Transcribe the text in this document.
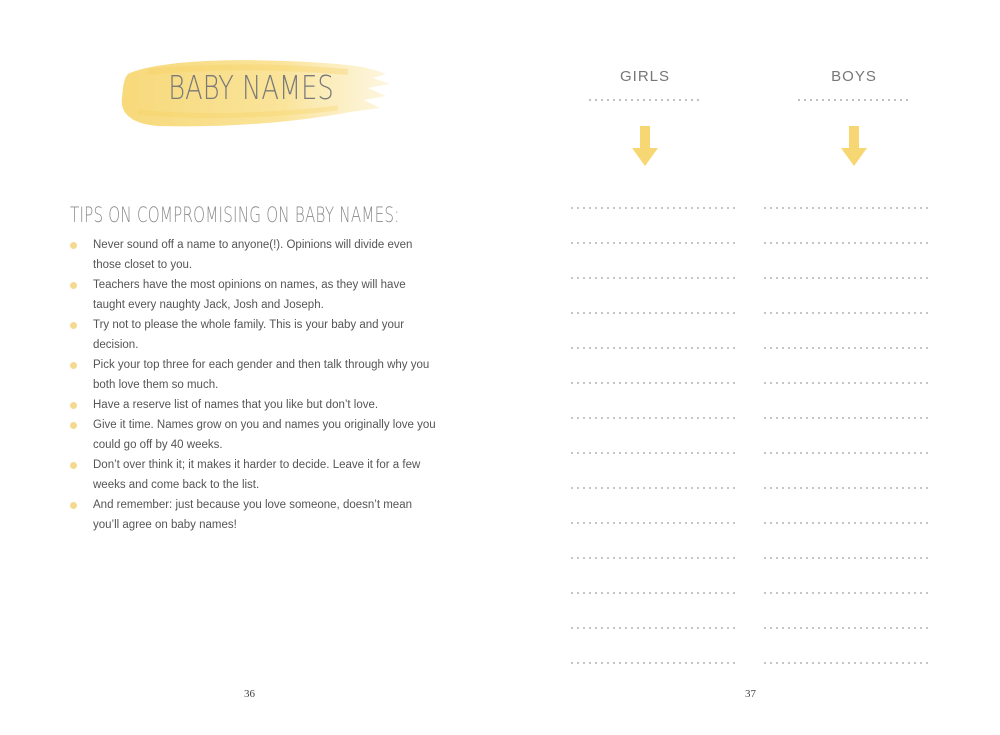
BABY NAMES
TIPS ON COMPROMISING ON BABY NAMES:
Never sound off a name to anyone(!). Opinions will divide even those closet to you.
Teachers have the most opinions on names, as they will have taught every naughty Jack, Josh and Joseph.
Try not to please the whole family. This is your baby and your decision.
Pick your top three for each gender and then talk through why you both love them so much.
Have a reserve list of names that you like but don’t love.
Give it time. Names grow on you and names you originally love you could go off by 40 weeks.
Don’t over think it; it makes it harder to decide. Leave it for a few weeks and come back to the list.
And remember: just because you love someone, doesn’t mean you’ll agree on baby names!
36
GIRLS	BOYS
37
